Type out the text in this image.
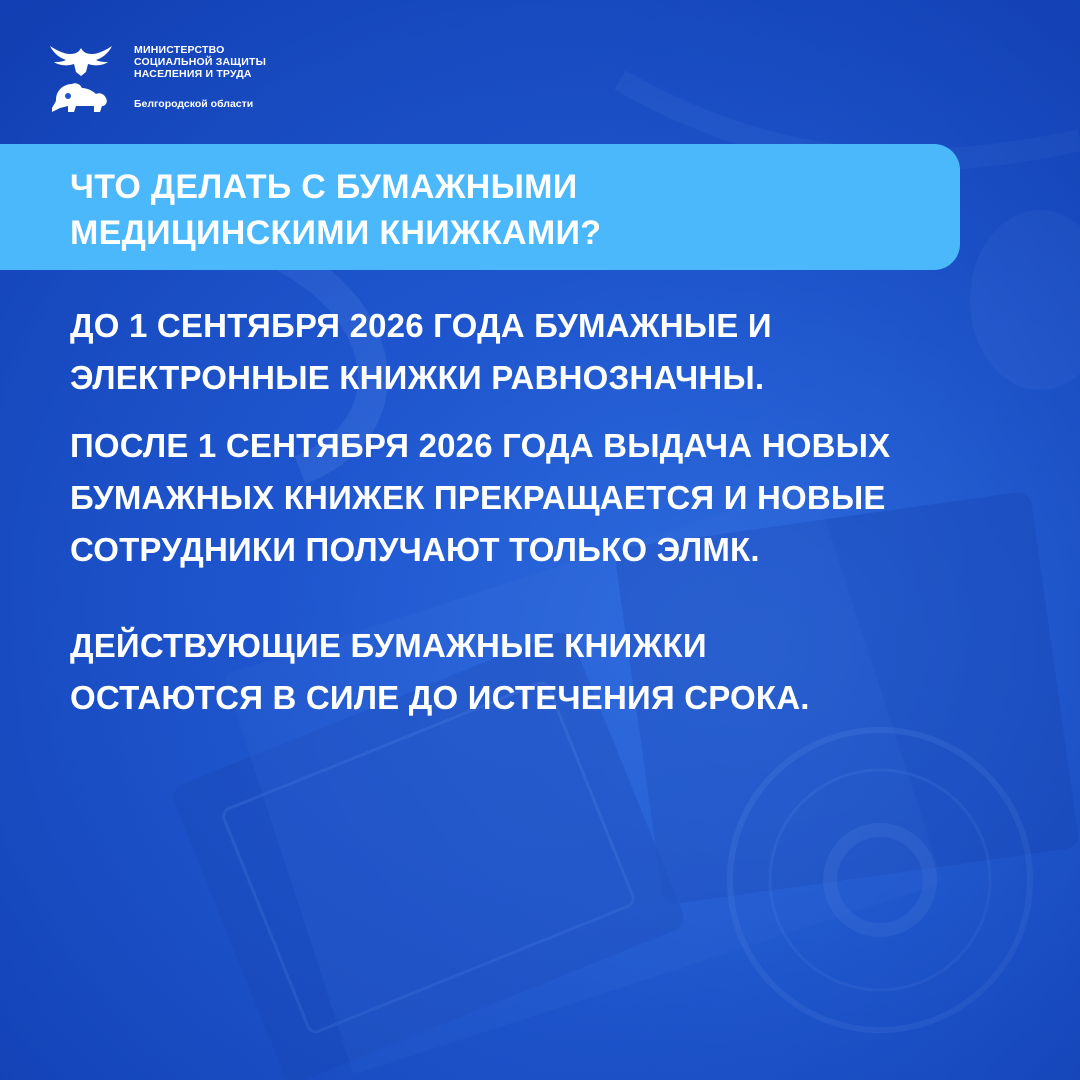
МИНИСТЕРСТВО
СОЦИАЛЬНОЙ ЗАЩИТЫ
НАСЕЛЕНИЯ И ТРУДА
Белгородской области
ЧТО ДЕЛАТЬ С БУМАЖНЫМИ
МЕДИЦИНСКИМИ КНИЖКАМИ?
ДО 1 СЕНТЯБРЯ 2026 ГОДА БУМАЖНЫЕ И
ЭЛЕКТРОННЫЕ КНИЖКИ РАВНОЗНАЧНЫ.
ПОСЛЕ 1 СЕНТЯБРЯ 2026 ГОДА ВЫДАЧА НОВЫХ
БУМАЖНЫХ КНИЖЕК ПРЕКРАЩАЕТСЯ И НОВЫЕ
СОТРУДНИКИ ПОЛУЧАЮТ ТОЛЬКО ЭЛМК.
ДЕЙСТВУЮЩИЕ БУМАЖНЫЕ КНИЖКИ
ОСТАЮТСЯ В СИЛЕ ДО ИСТЕЧЕНИЯ СРОКА.
